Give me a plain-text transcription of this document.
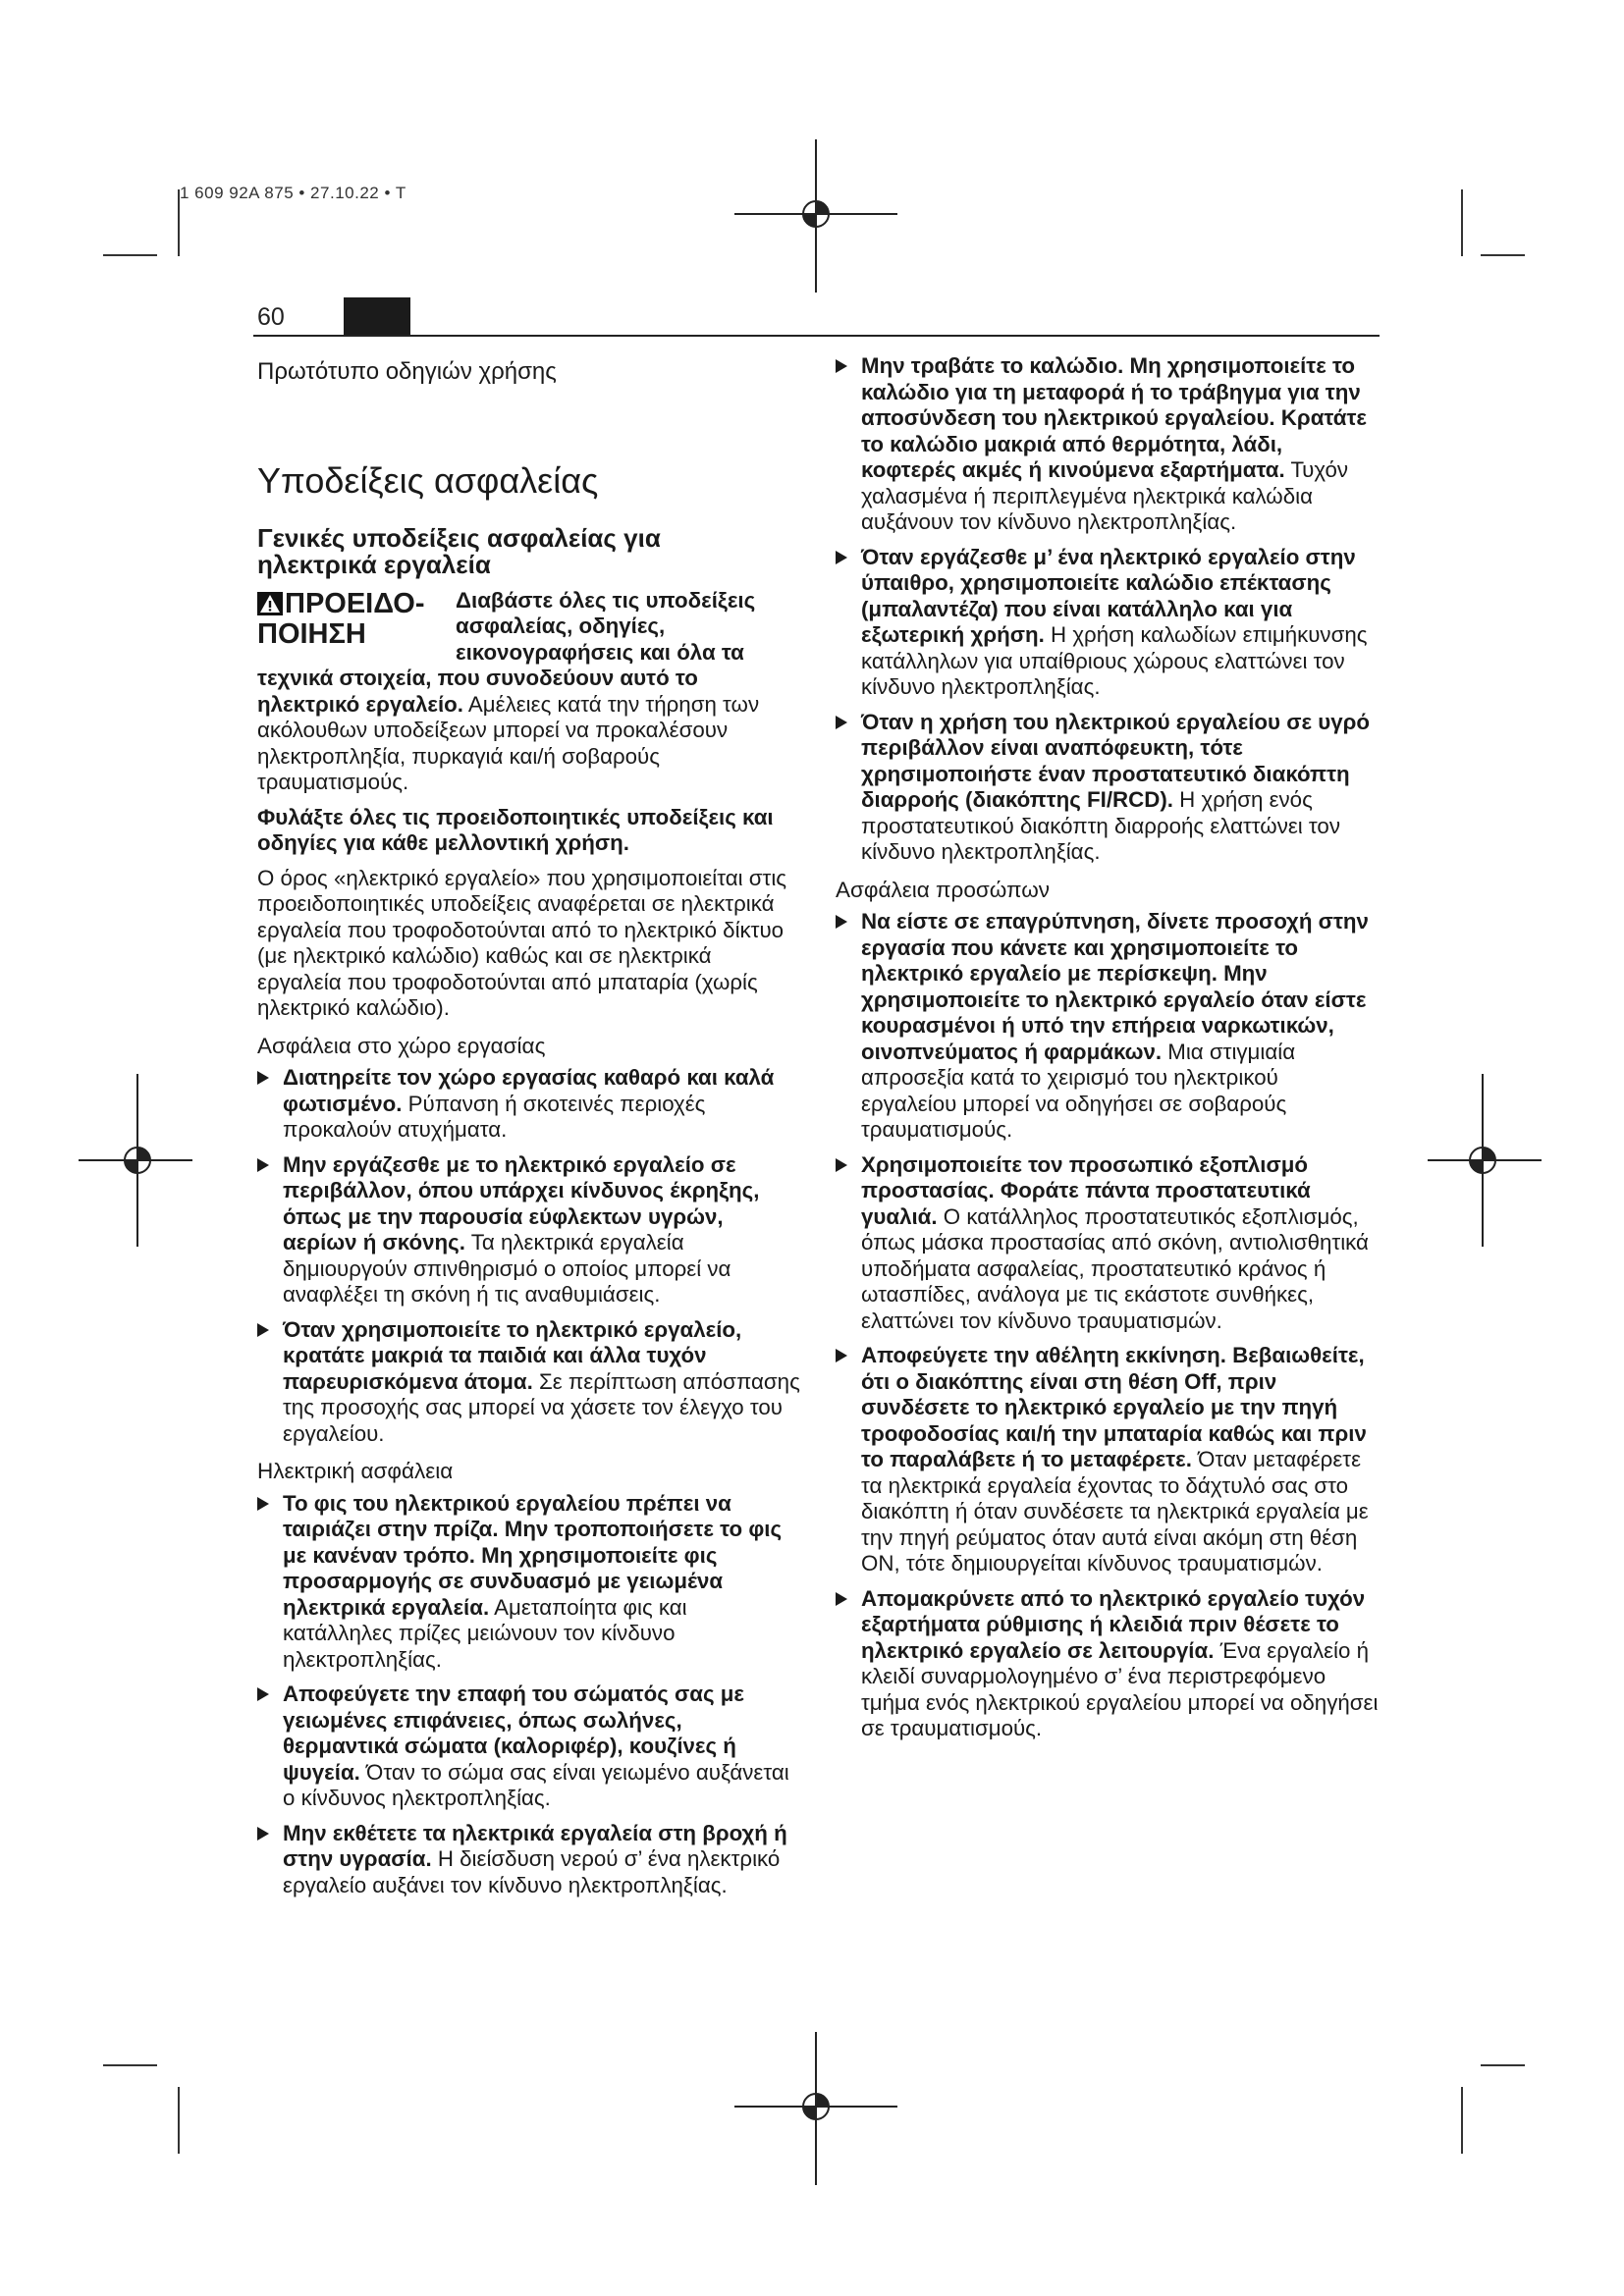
1 609 92A 875 • 27.10.22 • T
60
Πρωτότυπο οδηγιών χρήσης
Υποδείξεις ασφαλείας
Γενικές υποδείξεις ασφαλείας για
ηλεκτρικά εργαλεία
ΠΡΟΕΙΔΟ-
ΠΟΙΗΣΗ
Διαβάστε όλες τις υποδείξεις ασφαλείας, οδηγίες, εικονογραφήσεις και όλα τα

τεχνικά στοιχεία, που συνοδεύουν αυτό το ηλεκτρικό εργαλείο. Αμέλειες κατά την τήρηση των ακόλουθων υποδείξεων μπορεί να προκαλέσουν ηλεκτροπληξία, πυρκαγιά και/ή σοβαρούς τραυματισμούς.

Φυλάξτε όλες τις προειδοποιητικές υποδείξεις και οδηγίες για κάθε μελλοντική χρήση.

Ο όρος «ηλεκτρικό εργαλείο» που χρησιμοποιείται στις προειδοποιητικές υποδείξεις αναφέρεται σε ηλεκτρικά εργαλεία που τροφοδοτούνται από το ηλεκτρικό δίκτυο (με ηλεκτρικό καλώδιο) καθώς και σε ηλεκτρικά εργαλεία που τροφοδοτούνται από μπαταρία (χωρίς ηλεκτρικό καλώδιο).

Ασφάλεια στο χώρο εργασίας
Διατηρείτε τον χώρο εργασίας καθαρό και καλά φωτισμένο. Ρύπανση ή σκοτεινές περιοχές προκαλούν ατυχήματα.
Μην εργάζεσθε με το ηλεκτρικό εργαλείο σε περιβάλλον, όπου υπάρχει κίνδυνος έκρηξης, όπως με την παρουσία εύφλεκτων υγρών, αερίων ή σκόνης. Τα ηλεκτρικά εργαλεία δημιουργούν σπινθηρισμό ο οποίος μπορεί να αναφλέξει τη σκόνη ή τις αναθυμιάσεις.
Όταν χρησιμοποιείτε το ηλεκτρικό εργαλείο, κρατάτε μακριά τα παιδιά και άλλα τυχόν παρευρισκόμενα άτομα. Σε περίπτωση απόσπασης της προσοχής σας μπορεί να χάσετε τον έλεγχο του εργαλείου.
Ηλεκτρική ασφάλεια
Το φις του ηλεκτρικού εργαλείου πρέπει να ταιριάζει στην πρίζα. Μην τροποποιήσετε το φις με κανέναν τρόπο. Μη χρησιμοποιείτε φις προσαρμογής σε συνδυασμό με γειωμένα ηλεκτρικά εργαλεία. Αμεταποίητα φις και κατάλληλες πρίζες μειώνουν τον κίνδυνο ηλεκτροπληξίας.
Αποφεύγετε την επαφή του σώματός σας με γειωμένες επιφάνειες, όπως σωλήνες, θερμαντικά σώματα (καλοριφέρ), κουζίνες ή ψυγεία. Όταν το σώμα σας είναι γειωμένο αυξάνεται ο κίνδυνος ηλεκτροπληξίας.
Μην εκθέτετε τα ηλεκτρικά εργαλεία στη βροχή ή στην υγρασία. Η διείσδυση νερού σ’ ένα ηλεκτρικό εργαλείο αυξάνει τον κίνδυνο ηλεκτροπληξίας.
Μην τραβάτε το καλώδιο. Μη χρησιμοποιείτε το καλώδιο για τη μεταφορά ή το τράβηγμα για την αποσύνδεση του ηλεκτρικού εργαλείου. Κρατάτε το καλώδιο μακριά από θερμότητα, λάδι, κοφτερές ακμές ή κινούμενα εξαρτήματα. Τυχόν χαλασμένα ή περιπλεγμένα ηλεκτρικά καλώδια αυξάνουν τον κίνδυνο ηλεκτροπληξίας.
Όταν εργάζεσθε μ’ ένα ηλεκτρικό εργαλείο στην ύπαιθρο, χρησιμοποιείτε καλώδιο επέκτασης (μπαλαντέζα) που είναι κατάλληλο και για εξωτερική χρήση. Η χρήση καλωδίων επιμήκυνσης κατάλληλων για υπαίθριους χώρους ελαττώνει τον κίνδυνο ηλεκτροπληξίας.
Όταν η χρήση του ηλεκτρικού εργαλείου σε υγρό περιβάλλον είναι αναπόφευκτη, τότε χρησιμοποιήστε έναν προστατευτικό διακόπτη διαρροής (διακόπτης FI/RCD). Η χρήση ενός προστατευτικού διακόπτη διαρροής ελαττώνει τον κίνδυνο ηλεκτροπληξίας.
Ασφάλεια προσώπων
Να είστε σε επαγρύπνηση, δίνετε προσοχή στην εργασία που κάνετε και χρησιμοποιείτε το ηλεκτρικό εργαλείο με περίσκεψη. Μην χρησιμοποιείτε το ηλεκτρικό εργαλείο όταν είστε κουρασμένοι ή υπό την επήρεια ναρκωτικών, οινοπνεύματος ή φαρμάκων. Μια στιγμιαία απροσεξία κατά το χειρισμό του ηλεκτρικού εργαλείου μπορεί να οδηγήσει σε σοβαρούς τραυματισμούς.
Χρησιμοποιείτε τον προσωπικό εξοπλισμό προστασίας. Φοράτε πάντα προστατευτικά γυαλιά. Ο κατάλληλος προστατευτικός εξοπλισμός, όπως μάσκα προστασίας από σκόνη, αντιολισθητικά υποδήματα ασφαλείας, προστατευτικό κράνος ή ωτασπίδες, ανάλογα με τις εκάστοτε συνθήκες, ελαττώνει τον κίνδυνο τραυματισμών.
Αποφεύγετε την αθέλητη εκκίνηση. Βεβαιωθείτε, ότι ο διακόπτης είναι στη θέση Off, πριν συνδέσετε το ηλεκτρικό εργαλείο με την πηγή τροφοδοσίας και/ή την μπαταρία καθώς και πριν το παραλάβετε ή το μεταφέρετε. Όταν μεταφέρετε τα ηλεκτρικά εργαλεία έχοντας το δάχτυλό σας στο διακόπτη ή όταν συνδέσετε τα ηλεκτρικά εργαλεία με την πηγή ρεύματος όταν αυτά είναι ακόμη στη θέση ON, τότε δημιουργείται κίνδυνος τραυματισμών.
Απομακρύνετε από το ηλεκτρικό εργαλείο τυχόν εξαρτήματα ρύθμισης ή κλειδιά πριν θέσετε το ηλεκτρικό εργαλείο σε λειτουργία. Ένα εργαλείο ή κλειδί συναρμολογημένο σ’ ένα περιστρεφόμενο τμήμα ενός ηλεκτρικού εργαλείου μπορεί να οδηγήσει σε τραυματισμούς.
